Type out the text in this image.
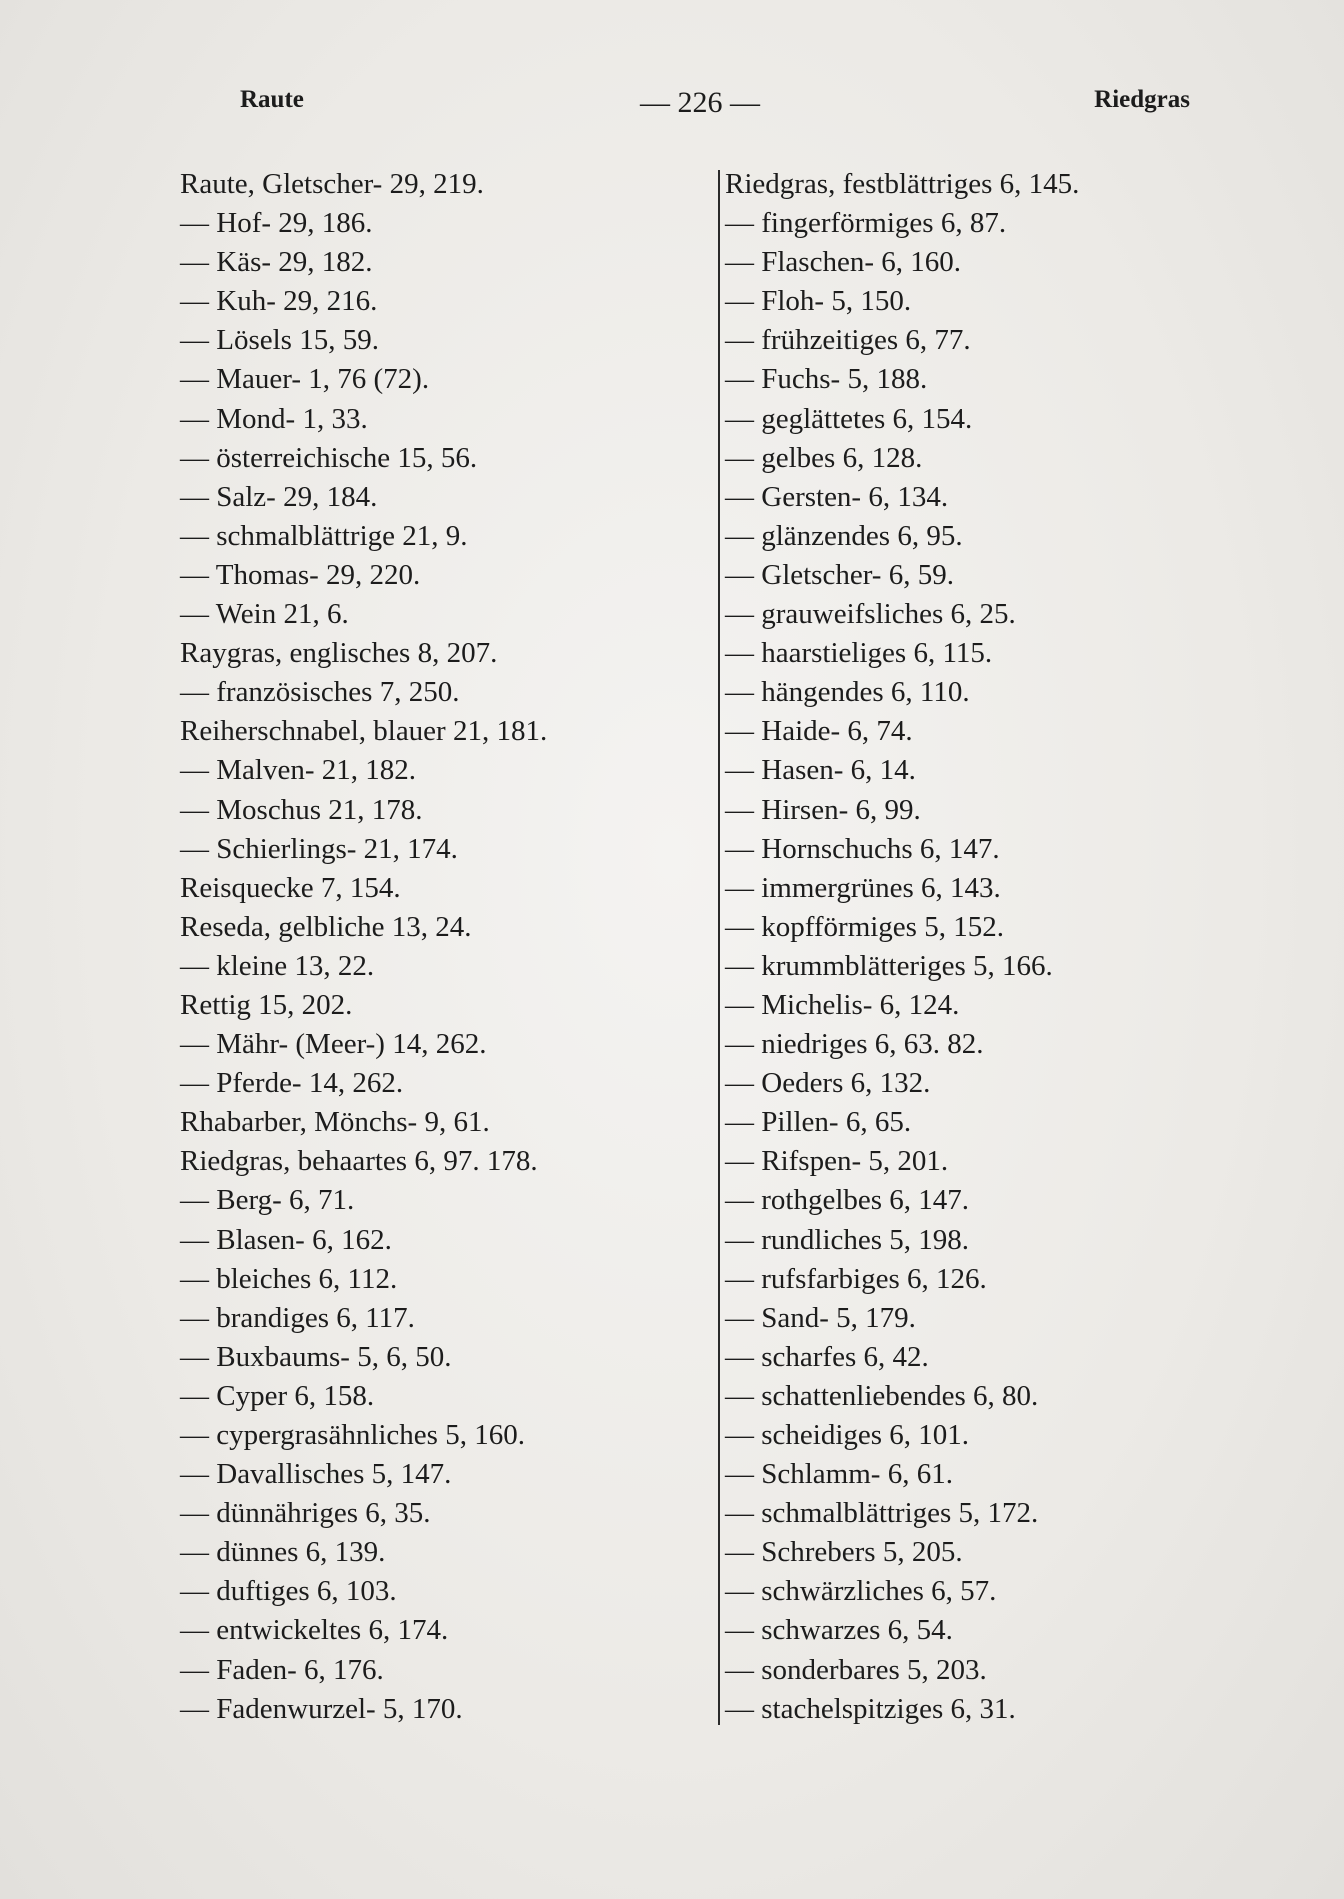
Raute	— 226 —	Riedgras
Raute, Gletscher- 29, 219.
— Hof- 29, 186.
— Käs- 29, 182.
— Kuh- 29, 216.
— Lösels 15, 59.
— Mauer- 1, 76 (72).
— Mond- 1, 33.
— österreichische 15, 56.
— Salz- 29, 184.
— schmalblättrige 21, 9.
— Thomas- 29, 220.
— Wein 21, 6.
Raygras, englisches 8, 207.
— französisches 7, 250.
Reiherschnabel, blauer 21, 181.
— Malven- 21, 182.
— Moschus 21, 178.
— Schierlings- 21, 174.
Reisquecke 7, 154.
Reseda, gelbliche 13, 24.
— kleine 13, 22.
Rettig 15, 202.
— Mähr- (Meer-) 14, 262.
— Pferde- 14, 262.
Rhabarber, Mönchs- 9, 61.
Riedgras, behaartes 6, 97. 178.
— Berg- 6, 71.
— Blasen- 6, 162.
— bleiches 6, 112.
— brandiges 6, 117.
— Buxbaums- 5, 6, 50.
— Cyper 6, 158.
— cypergrasähnliches 5, 160.
— Davallisches 5, 147.
— dünnähriges 6, 35.
— dünnes 6, 139.
— duftiges 6, 103.
— entwickeltes 6, 174.
— Faden- 6, 176.
— Fadenwurzel- 5, 170.
Riedgras, festblättriges 6, 145.
— fingerförmiges 6, 87.
— Flaschen- 6, 160.
— Floh- 5, 150.
— frühzeitiges 6, 77.
— Fuchs- 5, 188.
— geglättetes 6, 154.
— gelbes 6, 128.
— Gersten- 6, 134.
— glänzendes 6, 95.
— Gletscher- 6, 59.
— grauweifsliches 6, 25.
— haarstieliges 6, 115.
— hängendes 6, 110.
— Haide- 6, 74.
— Hasen- 6, 14.
— Hirsen- 6, 99.
— Hornschuchs 6, 147.
— immergrünes 6, 143.
— kopfförmiges 5, 152.
— krummblätteriges 5, 166.
— Michelis- 6, 124.
— niedriges 6, 63. 82.
— Oeders 6, 132.
— Pillen- 6, 65.
— Rifspen- 5, 201.
— rothgelbes 6, 147.
— rundliches 5, 198.
— rufsfarbiges 6, 126.
— Sand- 5, 179.
— scharfes 6, 42.
— schattenliebendes 6, 80.
— scheidiges 6, 101.
— Schlamm- 6, 61.
— schmalblättriges 5, 172.
— Schrebers 5, 205.
— schwärzliches 6, 57.
— schwarzes 6, 54.
— sonderbares 5, 203.
— stachelspitziges 6, 31.
